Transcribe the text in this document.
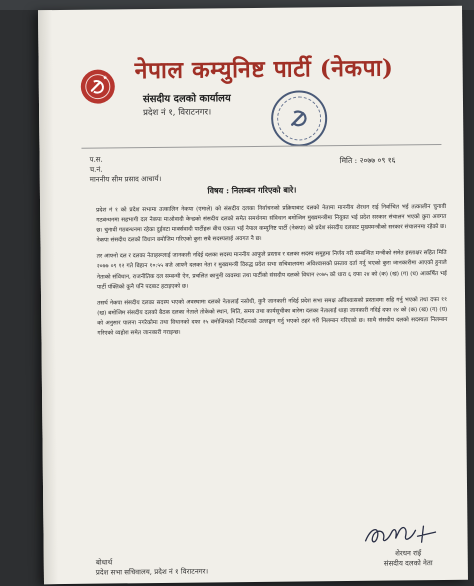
नेपाल कम्युनिष्ट पार्टी (नेकपा)
संसदीय दलको कार्यालय
प्रदेश नं १, विराटनगर।
प.स.
च.नं.
माननीय सीम प्रसाद आचार्य।
मिति : २०७७ ०९ १६
विषय : निलम्बन गरिएको बारे।

प्रदेश नं १ को प्रदेश सभामा तत्कालिन नेकपा (एमाले) को संसदीय दलका निर्वाचनको प्रक्रियाबाट दलको नेतामा माननीय शेरधन राई निर्वाचित भई तत्कालीन चुनावी गठबन्धनमा सहभागी दल नेकपा माओवादी केन्द्रको संसदीय दलको समेत समर्थनमा संविधान बमोजिम मुख्यमन्त्रीमा नियुक्त भई प्रदेश सरकार संचालन भएको कुरा अवगत छ। चुनावी गठबन्धनमा रहेका दुईवटा मार्क्सवादी पार्टीहरू बीच एकता भई नेपाल कम्युनिष्ट पार्टी (नेकपा) को प्रदेश संसदीय दलबाट मुख्यमन्त्रीको सरकार संचालनमा रहेको छ। नेकपा संसदीय दलको विधान बमोजिम गरिएको कुरा सबै सदस्यलाई अवगत नै छ।

तर आफ्नो दल र दलका नेताहरूलाई जानकारी नदिई दलका सदस्य माननीय आफूले प्रस्ताव र दलका सदस्य समूहमा निर्णय गरी सम्बन्धित मन्त्रीको समेत हस्ताक्षर सहित मिति २०७७ ०९ १२ गते बिहान १०:५५ बजे आफ्नै दलका नेता र मुख्यमन्त्री विरुद्ध प्रदेश सभा सचिवालयमा अविश्वासको प्रस्ताव दर्ता गर्नु भएको कुरा जानकारीमा आएको हुनाले नेताको संविधान, राजनीतिक दल सम्बन्धी ऐन, प्रचलित कानुनी व्यवस्था तथा पार्टीको संसदीय दलको विधान २०७५ को धारा ६ दफा २४ को (क) (ख) (ग) (घ) आकर्षित भई पार्टी पंक्तिको कुनै पनि पदबाट हटाइएको छ।

तसर्थ नेकपा संसदीय दलका सदस्य भएको अवस्थामा दलको नेतालाई नसोधी, कुनै जानकारी नदिई प्रदेश सभा समक्ष अविश्वासको प्रस्तावमा सहि गर्नु भएको तथा दफा ११ (ख) बमोजिम संसदीय दलको बैठक दलका नेताले तोकेको स्थान, मिति, समय तथा कार्यसूचीका बारेमा दलका नेतालाई थाहा जानकारी नदिई दफा २४ को (क) (ख) (ग) (घ) को अनुसार पालना नगरेकोमा तथा विधानको दफा २५ बमोजिमको निर्देशनको उल्लङ्घन गर्नु भएको ठहर गरी निलम्बन गरिएको छ। साथै संसदीय दलको सदस्यता निलम्बन गरिएको व्यहोरा समेत जानकारी गराइन्छ।

शेरधन राई
संसदीय दलको नेता
बोधार्थ
प्रदेश सभा सचिवालय, प्रदेश नं १ विराटनगर।
